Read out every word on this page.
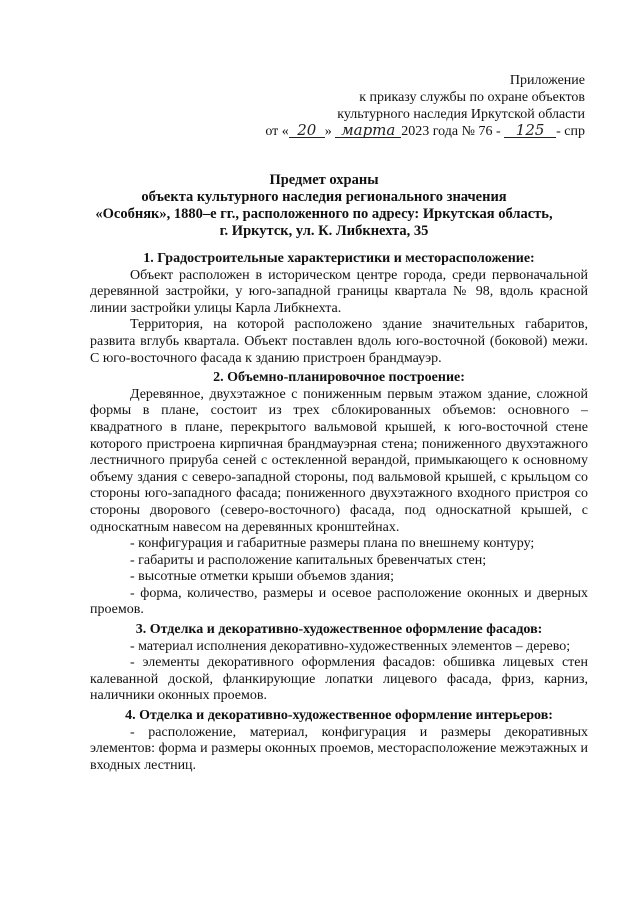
Приложение
к приказу службы по охране объектов
культурного наследия Иркутской области
от « 20 » марта 2023 года № 76 - 125 - спр
Предмет охраны
объекта культурного наследия регионального значения
«Особняк», 1880–е гг., расположенного по адресу: Иркутская область,
г. Иркутск, ул. К. Либкнехта, 35
1. Градостроительные характеристики и месторасположение:

Объект расположен в историческом центре города, среди первоначальной деревянной застройки, у юго-западной границы квартала № 98, вдоль красной линии застройки улицы Карла Либкнехта.

Территория, на которой расположено здание значительных габаритов, развита вглубь квартала. Объект поставлен вдоль юго-восточной (боковой) межи. С юго-восточного фасада к зданию пристроен брандмауэр.

2. Объемно-планировочное построение:

Деревянное, двухэтажное с пониженным первым этажом здание, сложной формы в плане, состоит из трех сблокированных объемов: основного – квадратного в плане, перекрытого вальмовой крышей, к юго-восточной стене которого пристроена кирпичная брандмауэрная стена; пониженного двухэтажного лестничного прируба сеней с остекленной верандой, примыкающего к основному объему здания с северо-западной стороны, под вальмовой крышей, с крыльцом со стороны юго-западного фасада; пониженного двухэтажного входного пристроя со стороны дворового (северо-восточного) фасада, под односкатной крышей, с односкатным навесом на деревянных кронштейнах.

- конфигурация и габаритные размеры плана по внешнему контуру;
- габариты и расположение капитальных бревенчатых стен;
- высотные отметки крыши объемов здания;
- форма, количество, размеры и осевое расположение оконных и дверных проемов.
3. Отделка и декоративно-художественное оформление фасадов:
- материал исполнения декоративно-художественных элементов – дерево;
- элементы декоративного оформления фасадов: обшивка лицевых стен калеванной доской, фланкирующие лопатки лицевого фасада, фриз, карниз, наличники оконных проемов.
4. Отделка и декоративно-художественное оформление интерьеров:
- расположение, материал, конфигурация и размеры декоративных элементов: форма и размеры оконных проемов, месторасположение межэтажных и входных лестниц.
